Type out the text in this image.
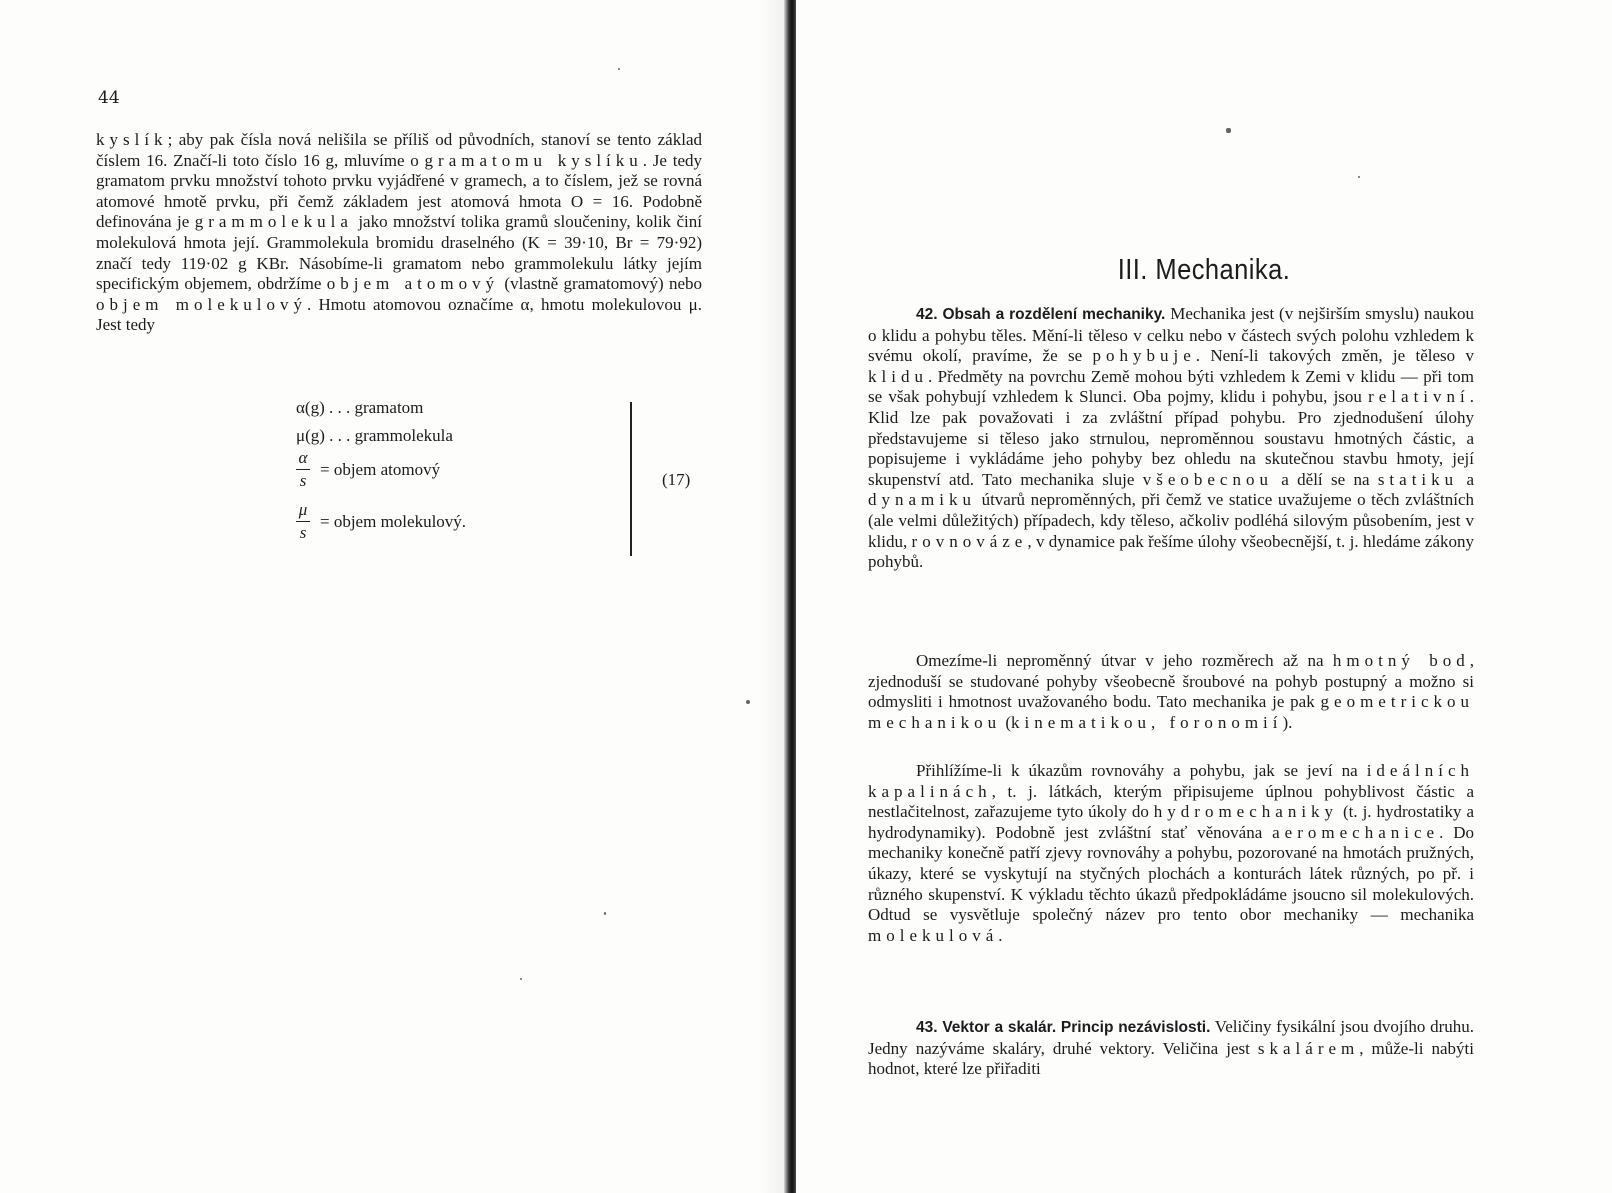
44

kyslík; aby pak čísla nová nelišila se příliš od původních, stanoví se tento základ číslem 16. Značí-li toto číslo 16 g, mluvíme o gramatomu kyslíku. Je tedy gramatom prvku množství tohoto prvku vyjádřené v gramech, a to číslem, jež se rovná atomové hmotě prvku, při čemž základem jest atomová hmota O = 16. Podobně definována je grammolekula jako množství tolika gramů sloučeniny, kolik činí molekulová hmota její. Grammolekula bromidu draselného (K = 39·10, Br = 79·92) značí tedy 119·02 g KBr. Násobíme-li gramatom nebo grammolekulu látky jejím specifickým objemem, obdržíme objem atomový (vlastně gramatomový) nebo objem molekulový. Hmotu atomovou označíme α, hmotu molekulovou μ. Jest tedy

α(g) . . . gramatom
μ(g) . . . grammolekula
α
s
= objem atomový
μ
s
= objem molekulový.
(17)
III. Mechanika.

42. Obsah a rozdělení mechaniky. Mechanika jest (v nejširším smyslu) naukou o klidu a pohybu těles. Mění-li těleso v celku nebo v částech svých polohu vzhledem k svému okolí, pravíme, že se pohybuje. Není-li takových změn, je těleso v klidu. Předměty na povrchu Země mohou býti vzhledem k Zemi v klidu — při tom se však pohybují vzhledem k Slunci. Oba pojmy, klidu i pohybu, jsou relativní. Klid lze pak považovati i za zvláštní případ pohybu. Pro zjednodušení úlohy představujeme si těleso jako strnulou, neproměnnou soustavu hmotných částic, a popisujeme i vykládáme jeho pohyby bez ohledu na skutečnou stavbu hmoty, její skupenství atd. Tato mechanika sluje všeobecnou a dělí se na statiku a dynamiku útvarů neproměnných, při čemž ve statice uvažujeme o těch zvláštních (ale velmi důležitých) případech, kdy těleso, ačkoliv podléhá silovým působením, jest v klidu, rovnováze, v dynamice pak řešíme úlohy všeobecnější, t. j. hledáme zákony pohybů.

Omezíme-li neproměnný útvar v jeho rozměrech až na hmotný bod, zjednoduší se studované pohyby všeobecně šroubové na pohyb postupný a možno si odmysliti i hmotnost uvažovaného bodu. Tato mechanika je pak geometrickou mechanikou (kinematikou, foronomií).

Přihlížíme-li k úkazům rovnováhy a pohybu, jak se jeví na ideálních kapalinách, t. j. látkách, kterým připisujeme úplnou pohyblivost částic a nestlačitelnost, zařazujeme tyto úkoly do hydromechaniky (t. j. hydrostatiky a hydrodynamiky). Podobně jest zvláštní stať věnována aeromechanice. Do mechaniky konečně patří zjevy rovnováhy a pohybu, pozorované na hmotách pružných, úkazy, které se vyskytují na styčných plochách a konturách látek různých, po př. i různého skupenství. K výkladu těchto úkazů předpokládáme jsoucno sil molekulových. Odtud se vysvětluje společný název pro tento obor mechaniky — mechanika molekulová.

43. Vektor a skalár. Princip nezávislosti. Veličiny fysikální jsou dvojího druhu. Jedny nazýváme skaláry, druhé vektory. Veličina jest skalárem, může-li nabýti hodnot, které lze přiřaditi
